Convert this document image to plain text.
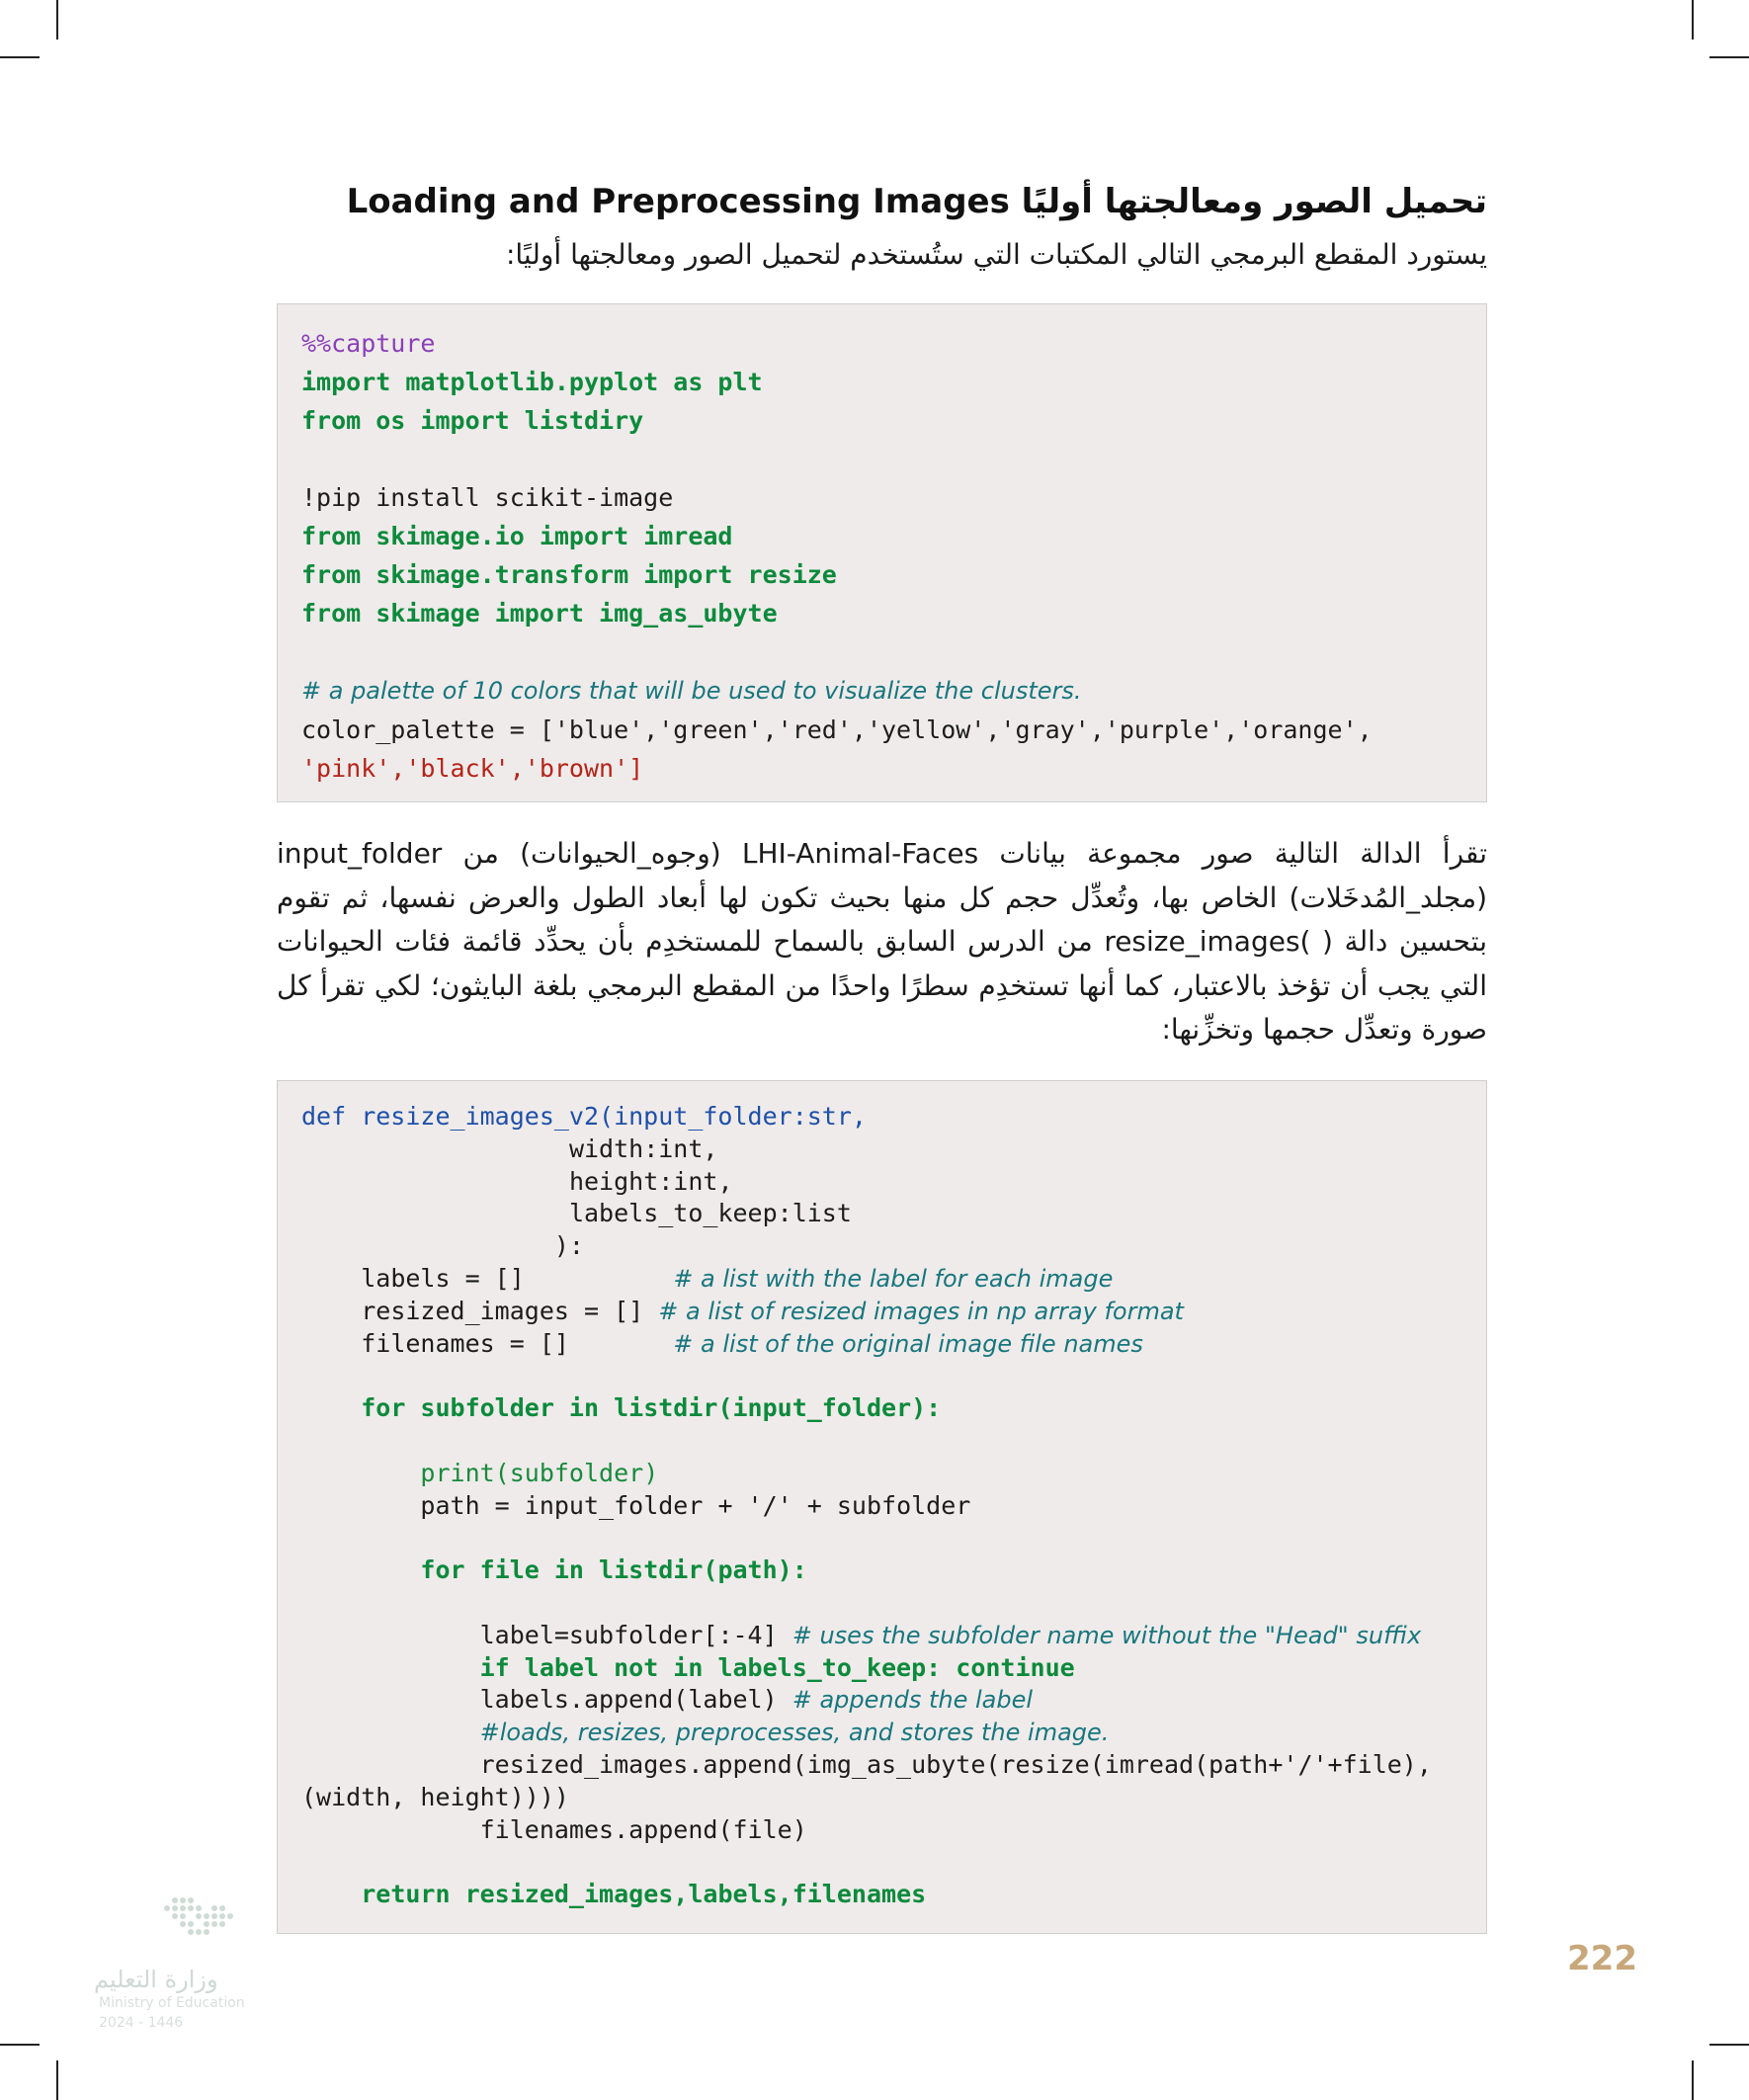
تحميل الصور ومعالجتها أوليًا Loading and Preprocessing Images
يستورد المقطع البرمجي التالي المكتبات التي ستُستخدم لتحميل الصور ومعالجتها أوليًا:
%%capture
import matplotlib.pyplot as plt
from os import listdiry

!pip install scikit-image
from skimage.io import imread
from skimage.transform import resize
from skimage import img_as_ubyte

# a palette of 10 colors that will be used to visualize the clusters.
color_palette = ['blue','green','red','yellow','gray','purple','orange',
'pink','black','brown']
تقرأ الدالة التالية صور مجموعة بيانات LHI-Animal-Faces (وجوه_الحيوانات) من input_folder (مجلد_المُدخَلات) الخاص بها، وتُعدِّل حجم كل منها بحيث تكون لها أبعاد الطول والعرض نفسها، ثم تقوم بتحسين دالة resize_images( ) من الدرس السابق بالسماح للمستخدِم بأن يحدِّد قائمة فئات الحيوانات التي يجب أن تؤخذ بالاعتبار، كما أنها تستخدِم سطرًا واحدًا من المقطع البرمجي بلغة البايثون؛ لكي تقرأ كل صورة وتعدِّل حجمها وتخزِّنها:
def resize_images_v2(input_folder:str,
width:int,
height:int,
labels_to_keep:list
):
labels = []	# a list with the label for each image
resized_images = [] # a list of resized images in np array format
filenames = []	# a list of the original image file names

for subfolder in listdir(input_folder):

print(subfolder)
path = input_folder + '/' + subfolder

for file in listdir(path):

label=subfolder[:-4] # uses the subfolder name without the "Head" suffix
if label not in labels_to_keep: continue
labels.append(label) # appends the label
#loads, resizes, preprocesses, and stores the image.
resized_images.append(img_as_ubyte(resize(imread(path+'/'+file),
(width, height))))
filenames.append(file)

return resized_images,labels,filenames
وزارة التعليم
Ministry of Education
2024 - 1446
222
